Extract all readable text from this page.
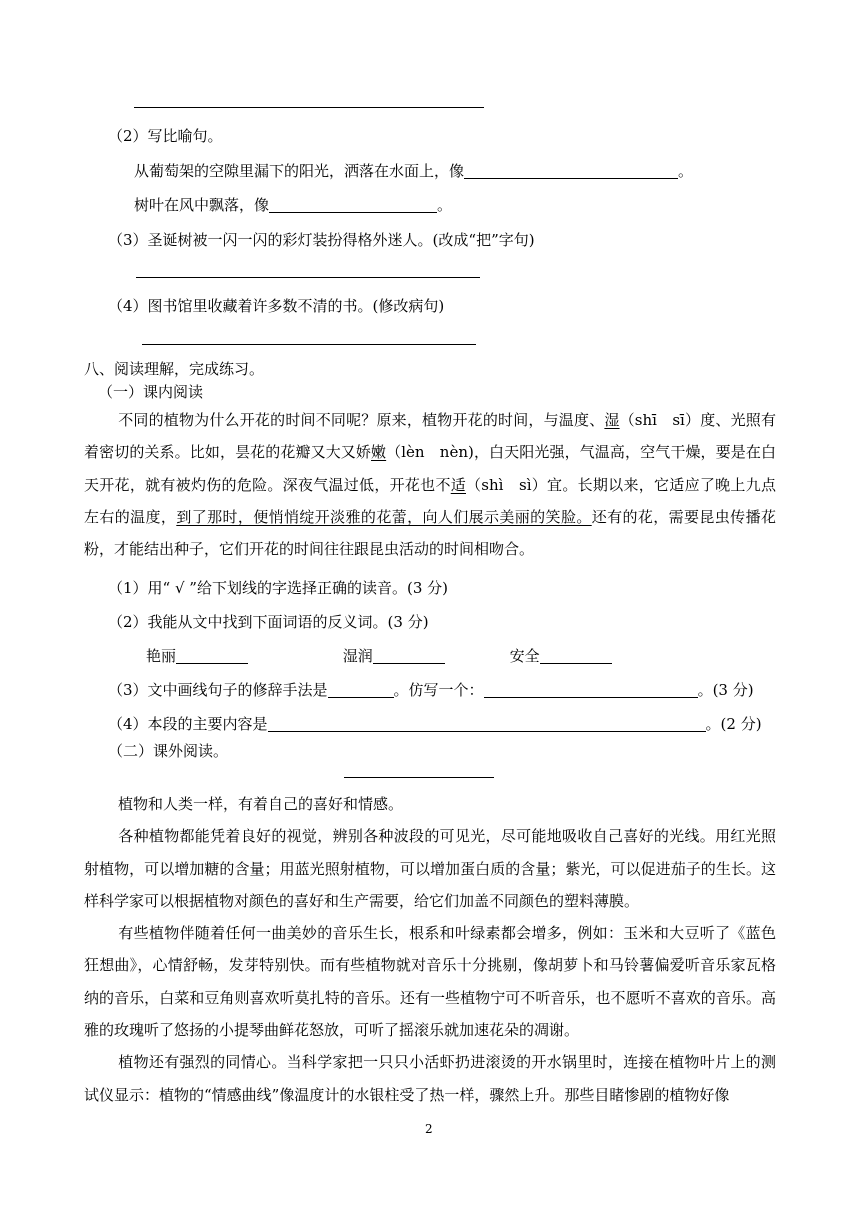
（2）写比喻句。
从葡萄架的空隙里漏下的阳光，洒落在水面上，像	。
树叶在风中飘落，像	。
（3）圣诞树被一闪一闪的彩灯装扮得格外迷人。(改成“把”字句)
（4）图书馆里收藏着许多数不清的书。(修改病句)
八、阅读理解，完成练习。
（一）课内阅读
不同的植物为什么开花的时间不同呢？原来，植物开花的时间，与温度、湿（shī　sī）度、光照有着密切的关系。比如，昙花的花瓣又大又娇嫩（lèn　nèn)，白天阳光强，气温高，空气干燥，要是在白天开花，就有被灼伤的危险。深夜气温过低，开花也不适（shì　sì）宜。长期以来，它适应了晚上九点左右的温度，到了那时，便悄悄绽开淡雅的花蕾，向人们展示美丽的笑脸。还有的花，需要昆虫传播花粉，才能结出种子，它们开花的时间往往跟昆虫活动的时间相吻合。
（1）用“ √ ”给下划线的字选择正确的读音。(3 分)
（2）我能从文中找到下面词语的反义词。(3 分)
艳丽	湿润	安全
（3）文中画线句子的修辞手法是	。仿写一个：	。(3 分)
（4）本段的主要内容是	。(2 分)
（二）课外阅读。
植物和人类一样，有着自己的喜好和情感。
各种植物都能凭着良好的视觉，辨别各种波段的可见光，尽可能地吸收自己喜好的光线。用红光照射植物，可以增加糖的含量；用蓝光照射植物，可以增加蛋白质的含量；紫光，可以促进茄子的生长。这样科学家可以根据植物对颜色的喜好和生产需要，给它们加盖不同颜色的塑料薄膜。
有些植物伴随着任何一曲美妙的音乐生长，根系和叶绿素都会增多，例如：玉米和大豆听了《蓝色狂想曲》，心情舒畅，发芽特别快。而有些植物就对音乐十分挑剔，像胡萝卜和马铃薯偏爱听音乐家瓦格纳的音乐，白菜和豆角则喜欢听莫扎特的音乐。还有一些植物宁可不听音乐，也不愿听不喜欢的音乐。高雅的玫瑰听了悠扬的小提琴曲鲜花怒放，可听了摇滚乐就加速花朵的凋谢。
植物还有强烈的同情心。当科学家把一只只小活虾扔进滚烫的开水锅里时，连接在植物叶片上的测试仪显示：植物的“情感曲线”像温度计的水银柱受了热一样，骤然上升。那些目睹惨剧的植物好像
2
